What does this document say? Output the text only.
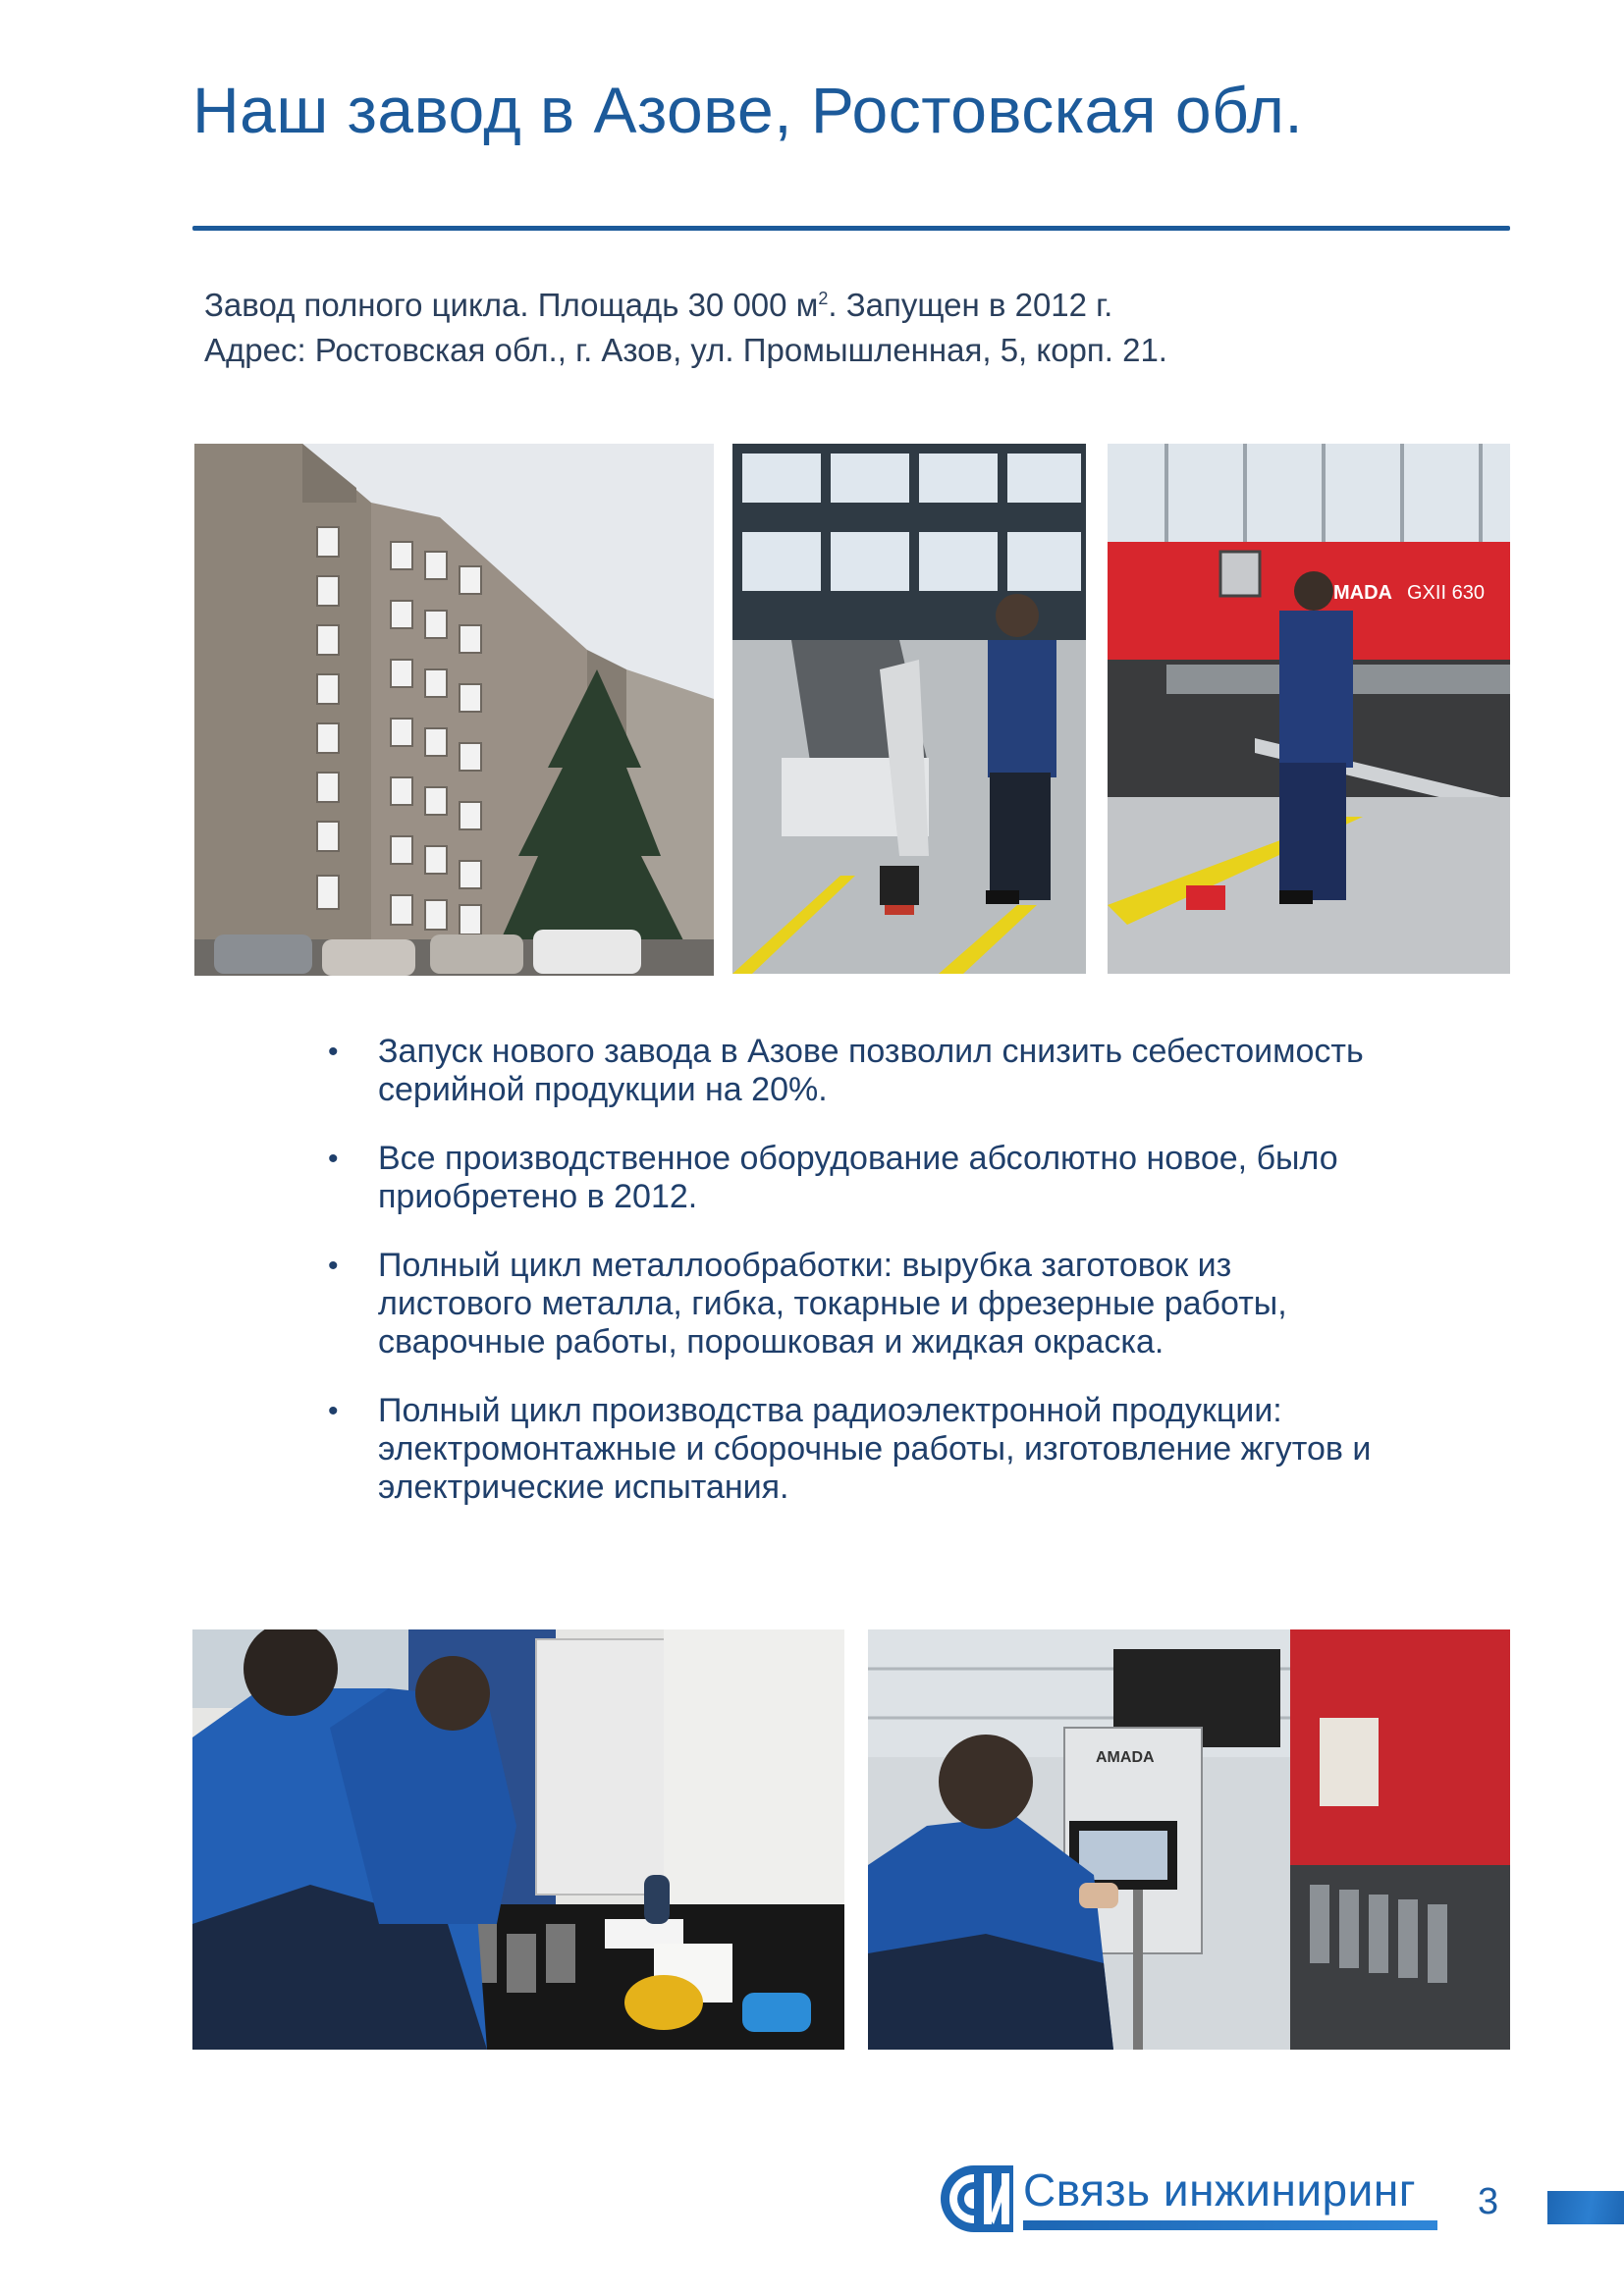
Наш завод в Азове, Ростовская обл.

Завод полного цикла. Площадь 30 000 $м^2$. Запущен в 2012 г.

Адрес: Ростовская обл., г. Азов, ул. Промышленная, 5, корп. 21.

MADA GXII 630
• Запуск нового завода в Азове позволил снизить себестоимость серийной продукции на 20%.
• Все производственное оборудование абсолютно новое, было приобретено в 2012.
• Полный цикл металлообработки: вырубка заготовок из листового металла, гибка, токарные и фрезерные работы, сварочные работы, порошковая и жидкая окраска.
• Полный цикл производства радиоэлектронной продукции: электромонтажные и сборочные работы, изготовление жгутов и электрические испытания.
AMADA
Связь инжиниринг 3
